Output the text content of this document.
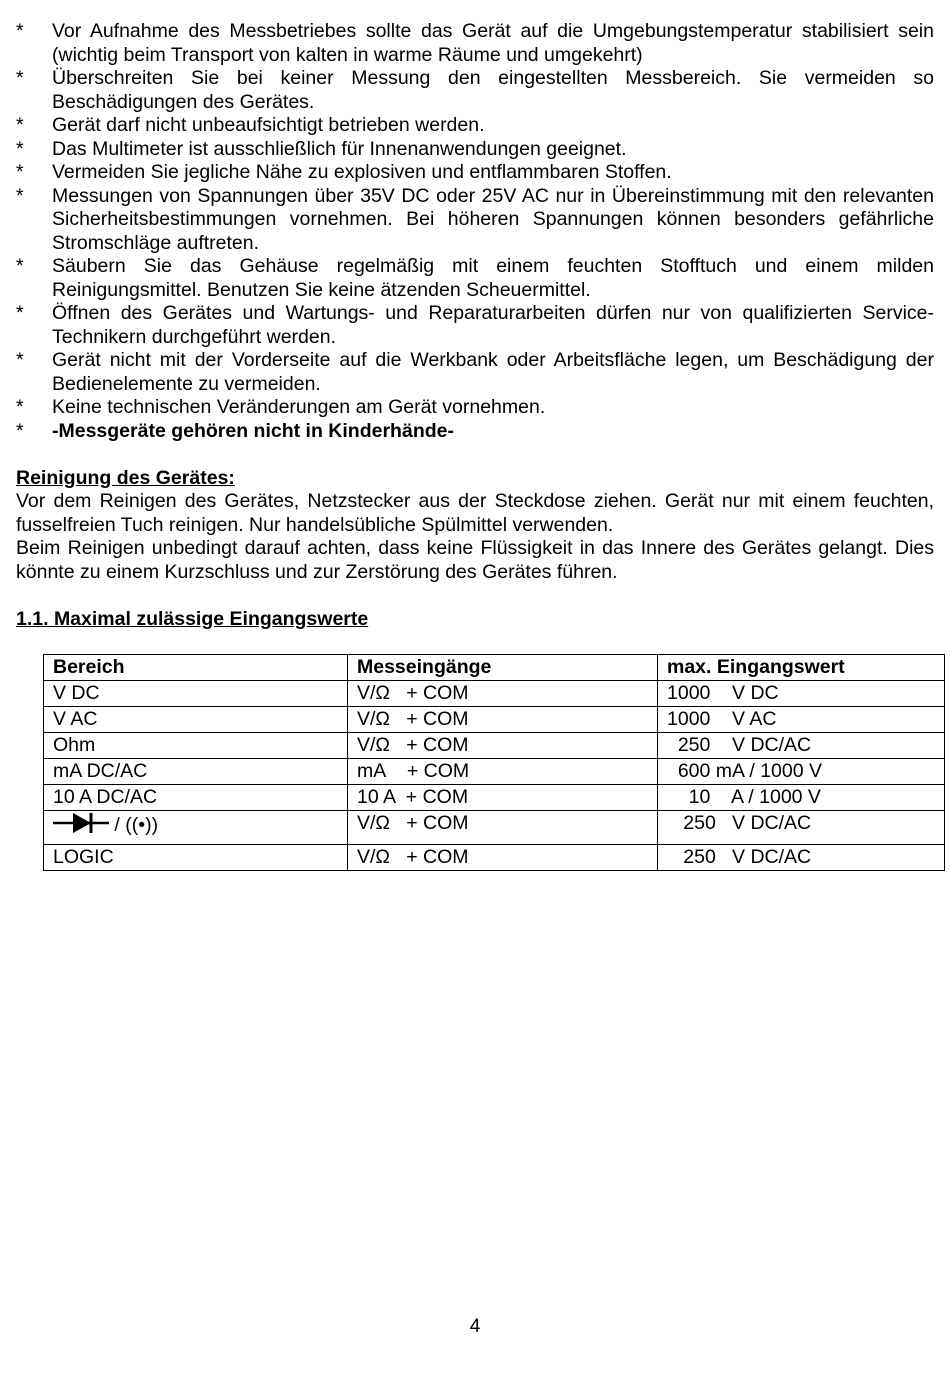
* Vor Aufnahme des Messbetriebes sollte das Gerät auf die Umgebungstemperatur stabilisiert sein (wichtig beim Transport von kalten in warme Räume und umgekehrt)
* Überschreiten Sie bei keiner Messung den eingestellten Messbereich. Sie vermeiden so Beschädigungen des Gerätes.
* Gerät darf nicht unbeaufsichtigt betrieben werden.
* Das Multimeter ist ausschließlich für Innenanwendungen geeignet.
* Vermeiden Sie jegliche Nähe zu explosiven und entflammbaren Stoffen.
* Messungen von Spannungen über 35V DC oder 25V AC nur in Übereinstimmung mit den relevanten Sicherheitsbestimmungen vornehmen. Bei höheren Spannungen können besonders gefährliche Stromschläge auftreten.
* Säubern Sie das Gehäuse regelmäßig mit einem feuchten Stofftuch und einem milden Reinigungsmittel. Benutzen Sie keine ätzenden Scheuermittel.
* Öffnen des Gerätes und Wartungs- und Reparaturarbeiten dürfen nur von qualifizierten Service-Technikern durchgeführt werden.
* Gerät nicht mit der Vorderseite auf die Werkbank oder Arbeitsfläche legen, um Beschädigung der Bedienelemente zu vermeiden.
* Keine technischen Veränderungen am Gerät vornehmen.
* -Messgeräte gehören nicht in Kinderhände-

Reinigung des Gerätes:

Vor dem Reinigen des Gerätes, Netzstecker aus der Steckdose ziehen. Gerät nur mit einem feuchten, fusselfreien Tuch reinigen. Nur handelsübliche Spülmittel verwenden.

Beim Reinigen unbedingt darauf achten, dass keine Flüssigkeit in das Innere des Gerätes gelangt. Dies könnte zu einem Kurzschluss und zur Zerstörung des Gerätes führen.

1.1. Maximal zulässige Eingangswerte

Bereich	Messeingänge	max. Eingangswert
V DC	V/Ω   + COM	1000    V DC
V AC	V/Ω   + COM	1000    V AC
Ohm	V/Ω   + COM	250    V DC/AC
mA DC/AC	mA    + COM	600 mA / 1000 V
10 A DC/AC	10 A  + COM	10    A / 1000 V
/ ((•))	V/Ω   + COM	250   V DC/AC
LOGIC	V/Ω   + COM	250   V DC/AC
4
